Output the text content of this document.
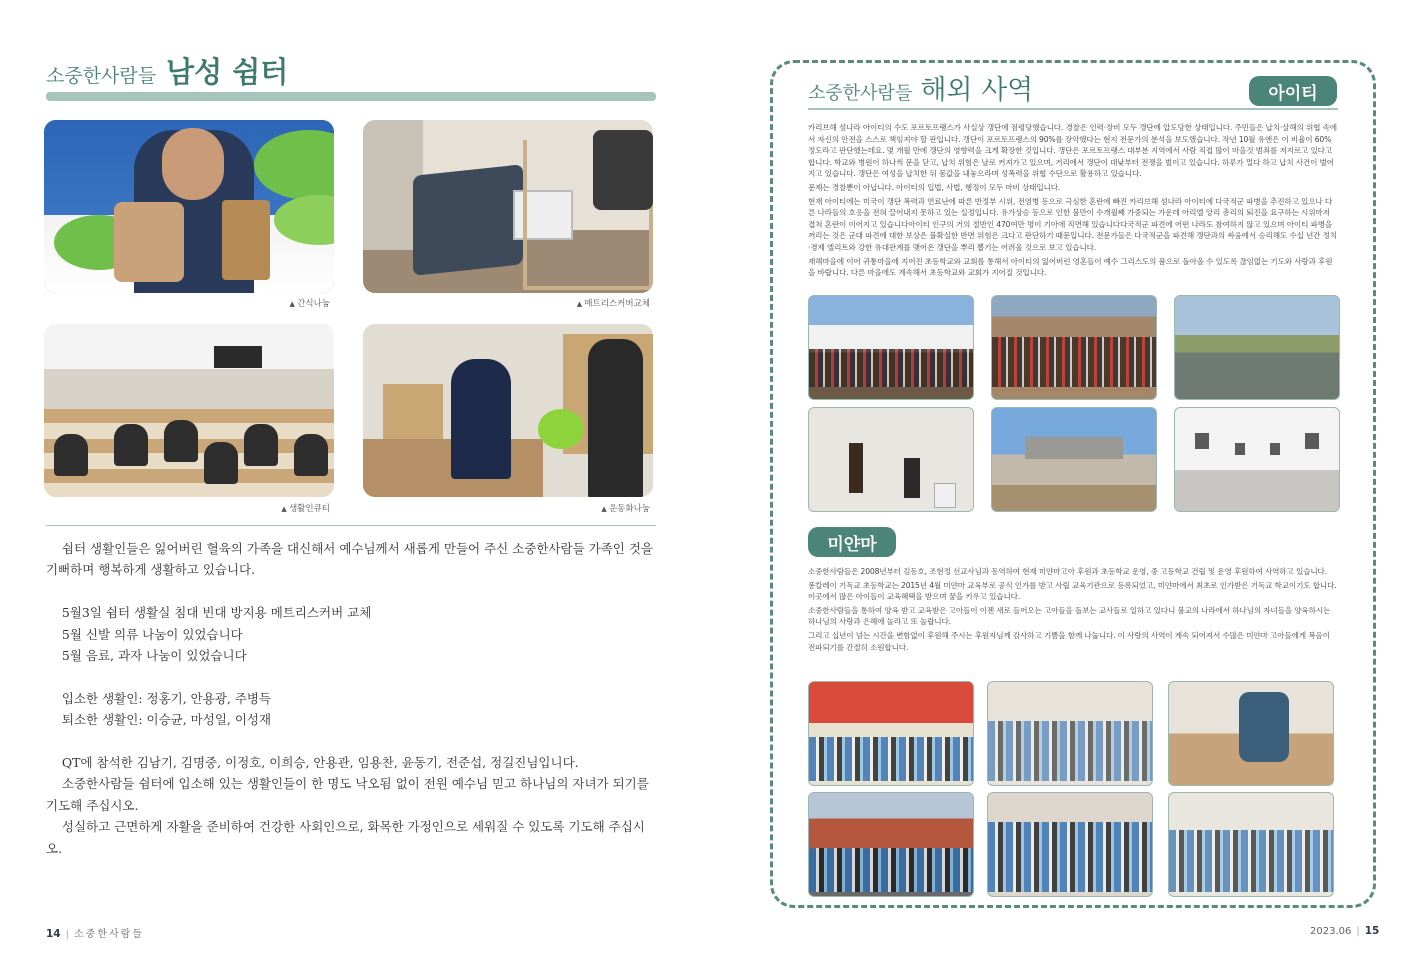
소중한사람들 남성 쉼터
▲ 간식나눔	▲ 매트리스커버교체
▲ 생활인큐티	▲ 운동화나눔

쉼터 생활인들은 잃어버린 혈육의 가족을 대신해서 예수님께서 새롭게 만들어 주신 소중한사람들 가족인 것을 기뻐하며 행복하게 생활하고 있습니다.

5월3일 쉼터 생활실 침대 빈대 방지용 메트리스커버 교체

5월 신발 의류 나눔이 있었습니다

5월 음료, 과자 나눔이 있었습니다

입소한 생활인: 정홍기, 안용광, 주병득

퇴소한 생활인: 이승균, 마성일, 이성재

QT에 참석한 김남기, 김명중, 이정호, 이희승, 안용관, 임용찬, 윤동기, 전준섭, 정길진님입니다.

소중한사람들 쉼터에 입소해 있는 생활인들이 한 명도 낙오됨 없이 전원 예수님 믿고 하나님의 자녀가 되기를 기도해 주십시오.

성실하고 근면하게 자활을 준비하여 건강한 사회인으로, 화목한 가정인으로 세워질 수 있도록 기도해 주십시오.

14 | 소중한사람들
소중한사람들 해외 사역	아이티

카리브해 섬나라 아이티의 수도 포르토프랭스가 사실상 갱단에 점령당했습니다. 경찰은 인력·장비 모두 갱단에 압도당한 상태입니다. 주민들은 납치·살해의 위협 속에서 자신의 안전을 스스로 책임져야 할 판입니다. 갱단이 포르토프랭스의 90%를 장악했다는 현지 전문가의 분석을 보도했습니다. 작년 10월 유엔은 이 비율이 60% 정도라고 판단했는데요. 몇 개월 만에 갱단의 영향력을 크게 확장한 것입니다. 갱단은 포르토프랭스 대부분 지역에서 사람 직접 많이 마을것 범죄를 저지르고 있다고 합니다. 학교와 병원이 하나씩 문을 닫고, 납치 위험은 날로 커져가고 있으며, 거리에서 갱단이 대낮부터 전쟁을 벌이고 있습니다. 하루가 멀다 하고 납치 사건이 벌어지고 있습니다. 갱단은 여성을 납치한 뒤 몸값을 내놓으라며 성폭력을 위협 수단으로 활용하고 있습니다.

문제는 경찰뿐이 아닙니다. 아이티의 입법, 사법, 행정이 모두 마비 상태입니다.

현재 아이티에는 미국이 갱단 폭력과 연료난에 따른 반정부 시위, 전염병 등으로 극심한 혼란에 빠진 카리브해 섬나라 아이티에 다국적군 파병을 추진하고 있으나 다른 나라들의 호응을 전혀 끌어내지 못하고 있는 실정입니다. 유가상승 등으로 인한 불만이 수개월째 가중되는 가운데 아리엘 앙리 총리의 퇴진을 요구하는 시위마저 겹쳐 혼란이 이어지고 있습니다아이티 인구의 거의 절반인 470여만 명이 기아에 직면해 있습니다다국적군 파견에 어떤 나라도 참여하지 않고 있으며 아이티 파병을 꺼리는 것은 군대 파견에 대한 보상은 불확실한 반면 위험은 크다고 판단하기 때문입니다. 전문가들은 다국적군을 파견해 갱단과의 싸움에서 승리해도 수십 년간 정치·경제 엘리트와 강한 유대관계를 맺어온 갱단을 뿌리 뽑기는 어려울 것으로 보고 있습니다.

재해마을에 이어 귀퉁마을에 지어진 초등학교와 교회를 통해서 아이티의 잃어버린 영혼들이 예수 그리스도의 품으로 돌아올 수 있도록 끊임없는 기도와 사랑과 후원을 바랍니다. 다른 마을에도 계속해서 초등학교와 교회가 지어질 것입니다.

미얀마

소중한사람들은 2008년부터 김동호, 조현정 선교사님과 동역하여 현재 미얀마고아 후원과 초등학교 운영, 중 고등학교 건립 및 운영 후원하여 사역하고 있습니다.

퐁칼레이 기독교 초등학교는 2015년 4월 미얀마 교육부로 공식 인가를 받고 사립 교육기관으로 등록되었고, 미얀마에서 최초로 인가받은 기독교 학교이기도 합니다. 이곳에서 많은 아이들이 교육혜택을 받으며 꿈을 키우고 있습니다.

소중한사람들을 통하여 양육 받고 교육받은 고아들이 이젠 새로 들어오는 고아들을 돌보는 교사들로 일하고 있다니 불교의 나라에서 하나님의 자녀들을 양육하시는 하나님의 사랑과 은혜에 놀라고 또 놀랍니다.

그리고 십년이 넘는 시간을 변함없이 후원해 주시는 후원자님께 감사하고 기쁨을 함께 나눕니다. 이 사랑의 사역이 계속 되어져서 수많은 미얀마 고아들에게 복음이 전파되기를 간절히 소원합니다.

2023.06 | 15
